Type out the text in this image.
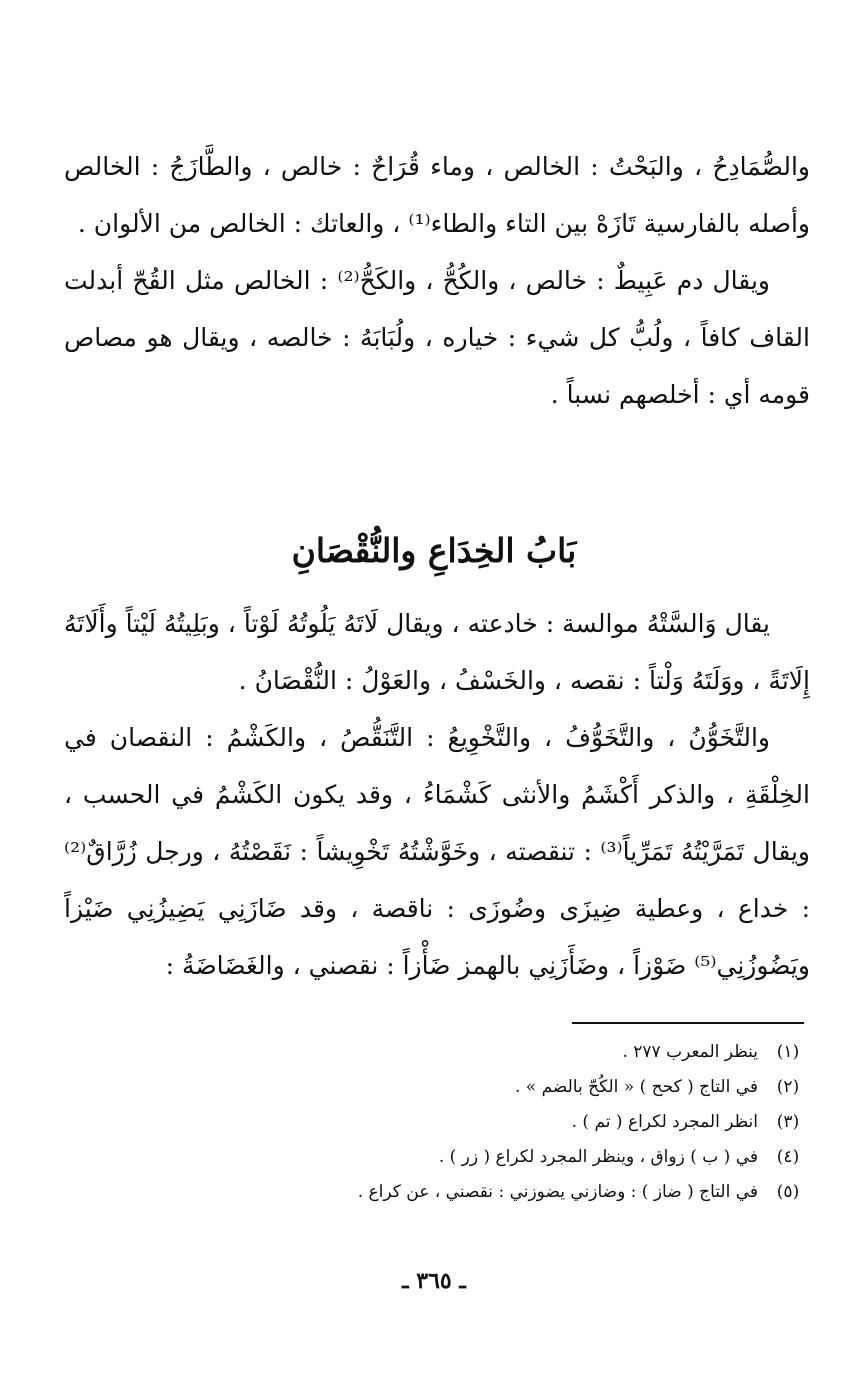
والصُّمَادِحُ ، والبَحْتُ : الخالص ، وماء قُرَاحٌ : خالص ، والطَّازَجُ : الخالص وأصله بالفارسية تَازَهْ بين التاء والطاء⁽¹⁾ ، والعاتك : الخالص من الألوان .

ويقال دم عَبِيطٌ : خالص ، والكُحُّ ، والكَحُّ⁽²⁾ : الخالص مثل القُحّ أبدلت القاف كافاً ، ولُبُّ كل شيء : خياره ، ولُبَابَهُ : خالصه ، ويقال هو مصاص قومه أي : أخلصهم نسباً .

بَابُ الخِدَاعِ والنُّقْصَانِ

يقال وَالسَّتْهُ موالسة : خادعته ، ويقال لَاتَهُ يَلُوتُهُ لَوْتاً ، وبَلِيتُهُ لَيْتاً وأَلَاتَهُ إِلَاتَةً ، ووَلَتَهُ وَلْتاً : نقصه ، والخَسْفُ ، والعَوْلُ : النُّقْصَانُ .

والتَّخَوُّنُ ، والتَّخَوُّفُ ، والتَّخْوِيعُ : التَّنَقُّصُ ، والكَشْمُ : النقصان في الخِلْقَةِ ، والذكر أَكْشَمُ والأنثى كَشْمَاءُ ، وقد يكون الكَشْمُ في الحسب ، ويقال تَمَرَّيْتُهُ تَمَرِّياً⁽³⁾ : تنقصته ، وخَوَّشْتُهُ تَخْوِيشاً : نَقَصْتُهُ ، ورجل زُرَّاقٌ⁽²⁾ : خداع ، وعطية ضِيزَى وضُوزَى : ناقصة ، وقد ضَازَنِي يَضِيزُنِي ضَيْزاً ويَضُوزُنِي⁽⁵⁾ ضَوْزاً ، وضَأَزَنِي بالهمز ضَأْزاً : نقصني ، والغَضَاضَةُ :

(١)
ينظر المعرب ٢٧٧ .
(٢)
في التاج ( كحح ) « الكُحّ بالضم » .
(٣)
انظر المجرد لكراع ( تم ) .
(٤)
في ( ب ) زواق ، وينظر المجرد لكراع ( زر ) .
(٥)
في التاج ( ضاز ) : وضازني يضوزني : نقصني ، عن كراع .
ـ ٣٦٥ ـ
